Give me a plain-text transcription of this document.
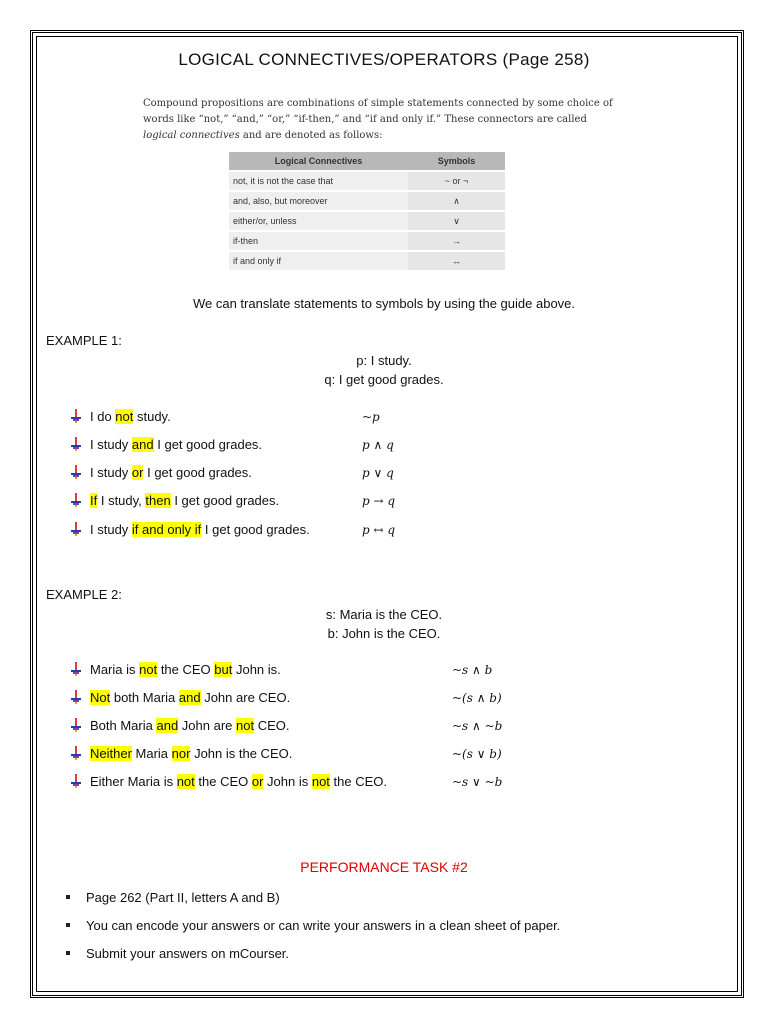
LOGICAL CONNECTIVES/OPERATORS (Page 258)
Compound propositions are combinations of simple statements connected by some choice of words like “not,” “and,” “or,” “if-then,” and “if and only if.” These connectors are called logical connectives and are denoted as follows:
Logical Connectives	Symbols
not, it is not the case that	~ or ¬
and, also, but moreover	∧
either/or, unless	∨
if-then	→
if and only if	↔
We can translate statements to symbols by using the guide above.
EXAMPLE 1:
p: I study.
q: I get good grades.
I do not study.	~p
I study and I get good grades.	p ∧ q
I study or I get good grades.	p ∨ q
If I study, then I get good grades.	p → q
I study if and only if I get good grades.	p ↔ q
EXAMPLE 2:
s: Maria is the CEO.
b: John is the CEO.
Maria is not the CEO but John is.	~s ∧ b
Not both Maria and John are CEO.	~(s ∧ b)
Both Maria and John are not CEO.	~s ∧ ~b
Neither Maria nor John is the CEO.	~(s ∨ b)
Either Maria is not the CEO or John is not the CEO.	~s ∨ ~b
PERFORMANCE TASK #2
Page 262 (Part II, letters A and B)
You can encode your answers or can write your answers in a clean sheet of paper.
Submit your answers on mCourser.
